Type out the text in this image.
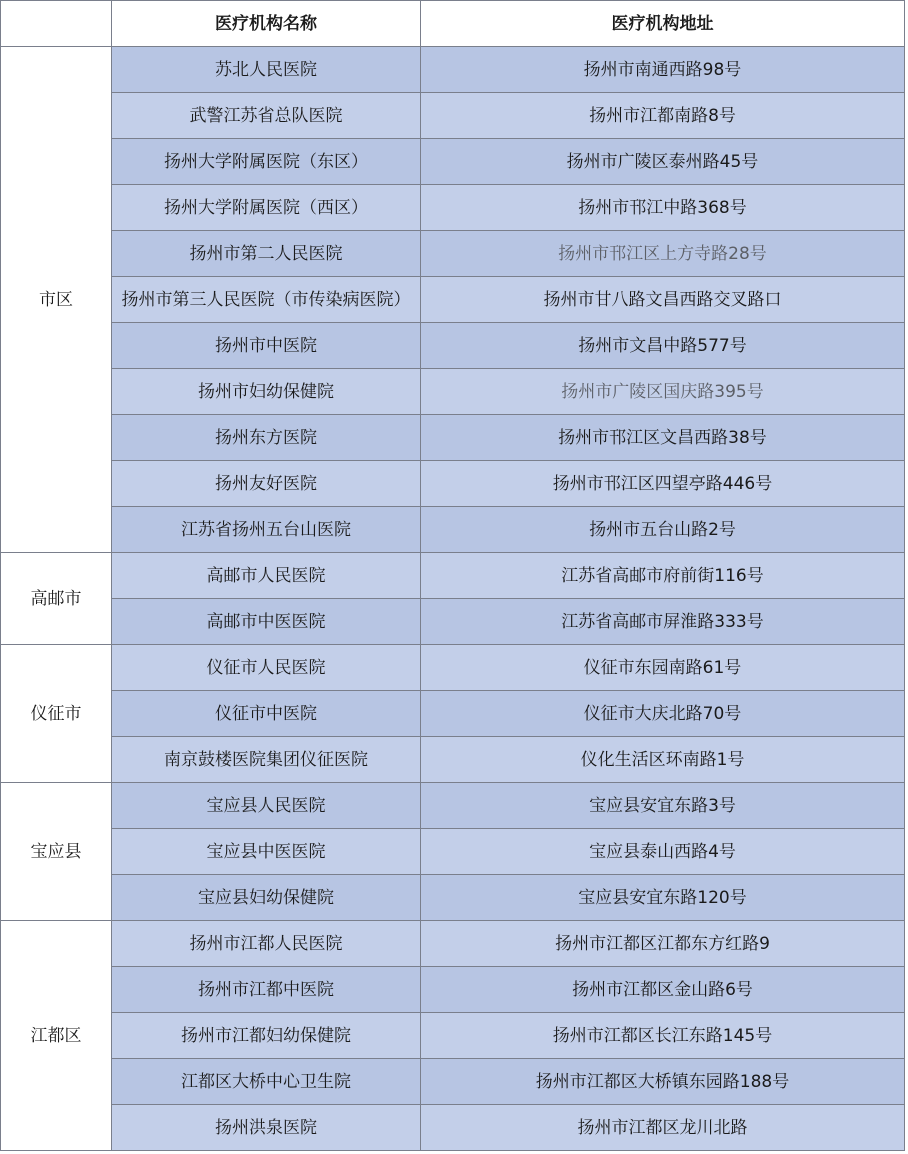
	医疗机构名称	医疗机构地址
市区	苏北人民医院	扬州市南通西路98号
	武警江苏省总队医院	扬州市江都南路8号
	扬州大学附属医院（东区）	扬州市广陵区泰州路45号
	扬州大学附属医院（西区）	扬州市邗江中路368号
	扬州市第二人民医院	扬州市邗江区上方寺路28号
	扬州市第三人民医院（市传染病医院）	扬州市甘八路文昌西路交叉路口
	扬州市中医院	扬州市文昌中路577号
	扬州市妇幼保健院	扬州市广陵区国庆路395号
	扬州东方医院	扬州市邗江区文昌西路38号
	扬州友好医院	扬州市邗江区四望亭路446号
	江苏省扬州五台山医院	扬州市五台山路2号
高邮市	高邮市人民医院	江苏省高邮市府前街116号
	高邮市中医医院	江苏省高邮市屏淮路333号
仪征市	仪征市人民医院	仪征市东园南路61号
	仪征市中医院	仪征市大庆北路70号
	南京鼓楼医院集团仪征医院	仪化生活区环南路1号
宝应县	宝应县人民医院	宝应县安宜东路3号
	宝应县中医医院	宝应县泰山西路4号
	宝应县妇幼保健院	宝应县安宜东路120号
江都区	扬州市江都人民医院	扬州市江都区江都东方红路9
	扬州市江都中医院	扬州市江都区金山路6号
	扬州市江都妇幼保健院	扬州市江都区长江东路145号
	江都区大桥中心卫生院	扬州市江都区大桥镇东园路188号
	扬州洪泉医院	扬州市江都区龙川北路
